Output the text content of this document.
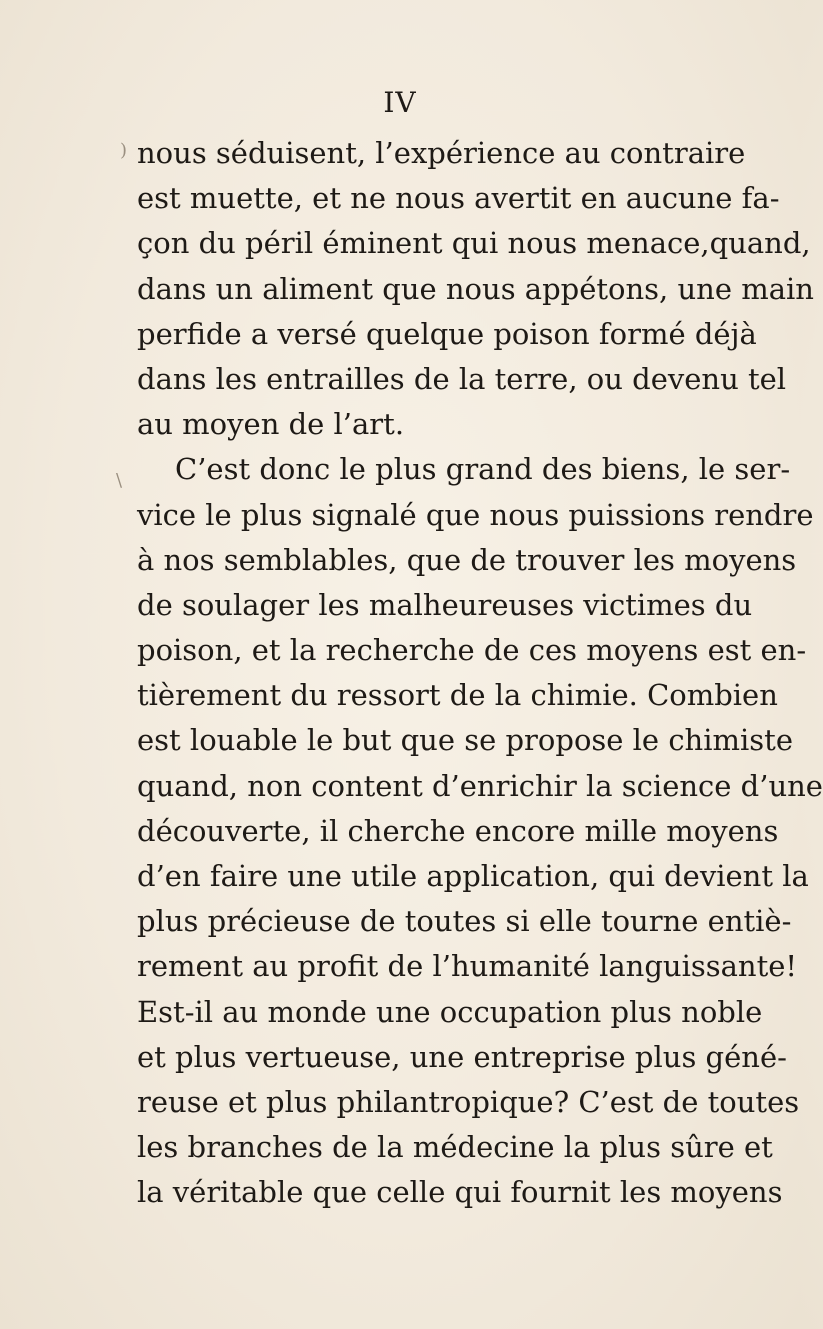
IV
nous séduisent, l’expérience au contraire
est muette, et ne nous avertit en aucune fa-
çon du péril éminent qui nous menace,quand,
dans un aliment que nous appétons, une main
perfide a versé quelque poison formé déjà
dans les entrailles de la terre, ou devenu tel
au moyen de l’art.
C’est donc le plus grand des biens, le ser-
vice le plus signalé que nous puissions rendre
à nos semblables, que de trouver les moyens
de soulager les malheureuses victimes du
poison, et la recherche de ces moyens est en-
tièrement du ressort de la chimie. Combien
est louable le but que se propose le chimiste
quand, non content d’enrichir la science d’une
découverte, il cherche encore mille moyens
d’en faire une utile application, qui devient la
plus précieuse de toutes si elle tourne entiè-
rement au profit de l’humanité languissante!
Est-il au monde une occupation plus noble
et plus vertueuse, une entreprise plus géné-
reuse et plus philantropique? C’est de toutes
les branches de la médecine la plus sûre et
la véritable que celle qui fournit les moyens
)
\
